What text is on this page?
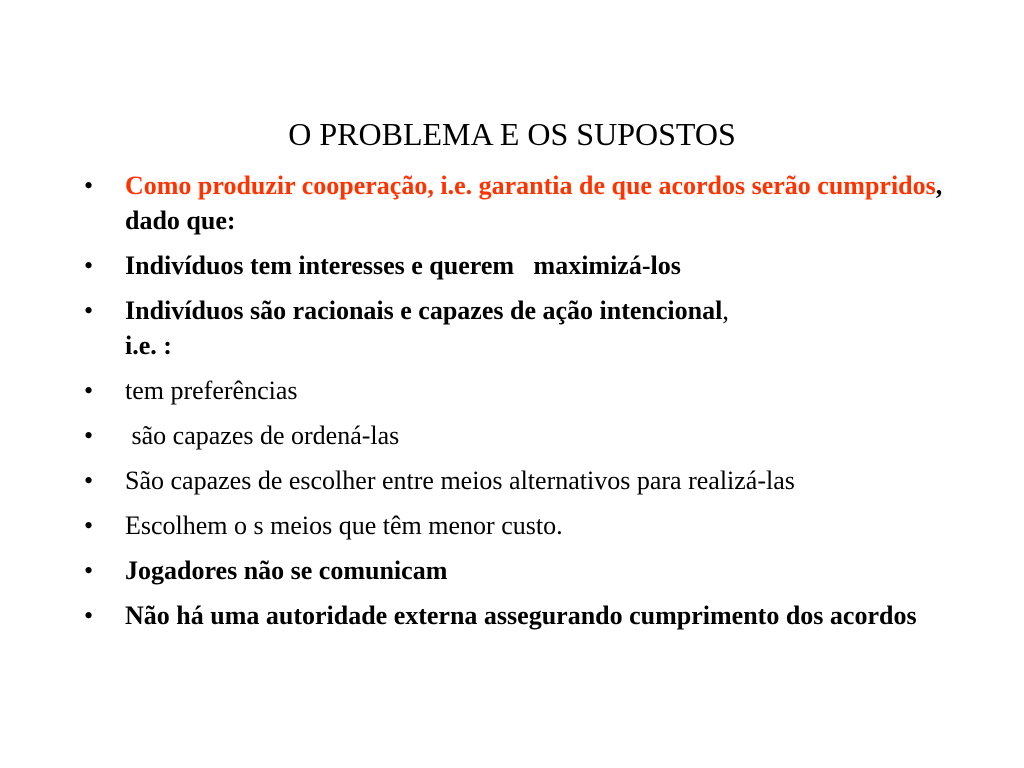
O PROBLEMA E OS SUPOSTOS
•	Como produzir cooperação, i.e. garantia de que acordos serão cumpridos, dado que:
•	Indivíduos tem interesses e querem   maximizá-los
•	Indivíduos são racionais e capazes de ação intencional,
i.e. :
•	tem preferências
•	são capazes de ordená-las
•	São capazes de escolher entre meios alternativos para realizá-las
•	Escolhem o s meios que têm menor custo.
•	Jogadores não se comunicam
•	Não há uma autoridade externa assegurando cumprimento dos acordos
